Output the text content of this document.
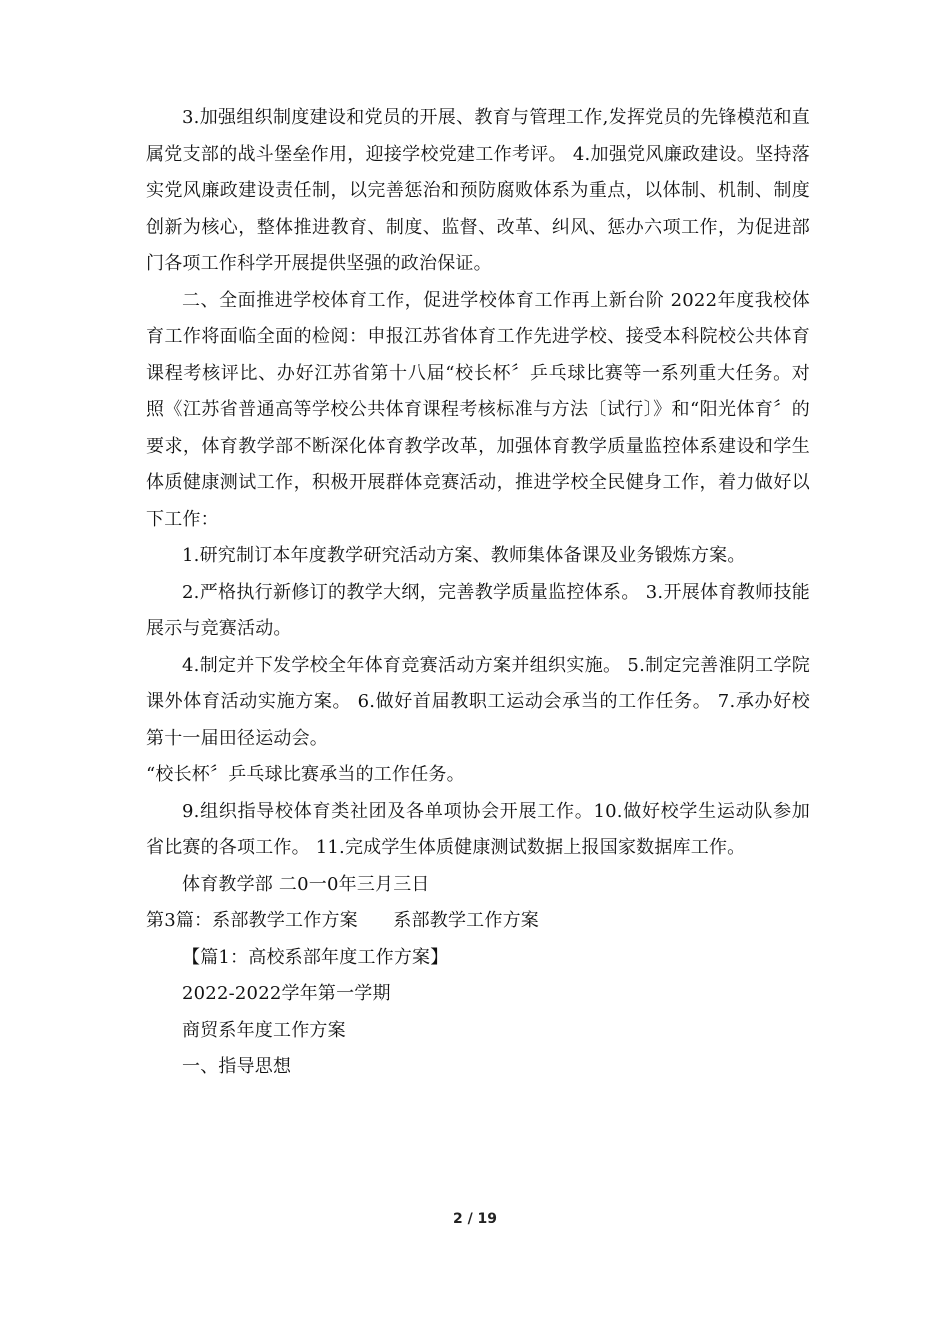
3.加强组织制度建设和党员的开展、教育与管理工作,发挥党员的先锋模范和直属党支部的战斗堡垒作用，迎接学校党建工作考评。 4.加强党风廉政建设。坚持落实党风廉政建设责任制，以完善惩治和预防腐败体系为重点，以体制、机制、制度创新为核心，整体推进教育、制度、监督、改革、纠风、惩办六项工作，为促进部门各项工作科学开展提供坚强的政治保证。

二、全面推进学校体育工作，促进学校体育工作再上新台阶 2022年度我校体育工作将面临全面的检阅：申报江苏省体育工作先进学校、接受本科院校公共体育课程考核评比、办好江苏省第十八届“校长杯〞乒乓球比赛等一系列重大任务。对照《江苏省普通高等学校公共体育课程考核标准与方法〔试行〕》和“阳光体育〞的要求，体育教学部不断深化体育教学改革，加强体育教学质量监控体系建设和学生体质健康测试工作，积极开展群体竞赛活动，推进学校全民健身工作，着力做好以下工作：

1.研究制订本年度教学研究活动方案、教师集体备课及业务锻炼方案。

2.严格执行新修订的教学大纲，完善教学质量监控体系。 3.开展体育教师技能展示与竞赛活动。

4.制定并下发学校全年体育竞赛活动方案并组织实施。 5.制定完善淮阴工学院课外体育活动实施方案。 6.做好首届教职工运动会承当的工作任务。 7.承办好校第十一届田径运动会。

“校长杯〞乒乓球比赛承当的工作任务。

9.组织指导校体育类社团及各单项协会开展工作。10.做好校学生运动队参加省比赛的各项工作。 11.完成学生体质健康测试数据上报国家数据库工作。

体育教学部 二0一0年三月三日

第3篇：系部教学工作方案      系部教学工作方案

【篇1：高校系部年度工作方案】

2022-2022学年第一学期

商贸系年度工作方案

一、指导思想

2 / 19
